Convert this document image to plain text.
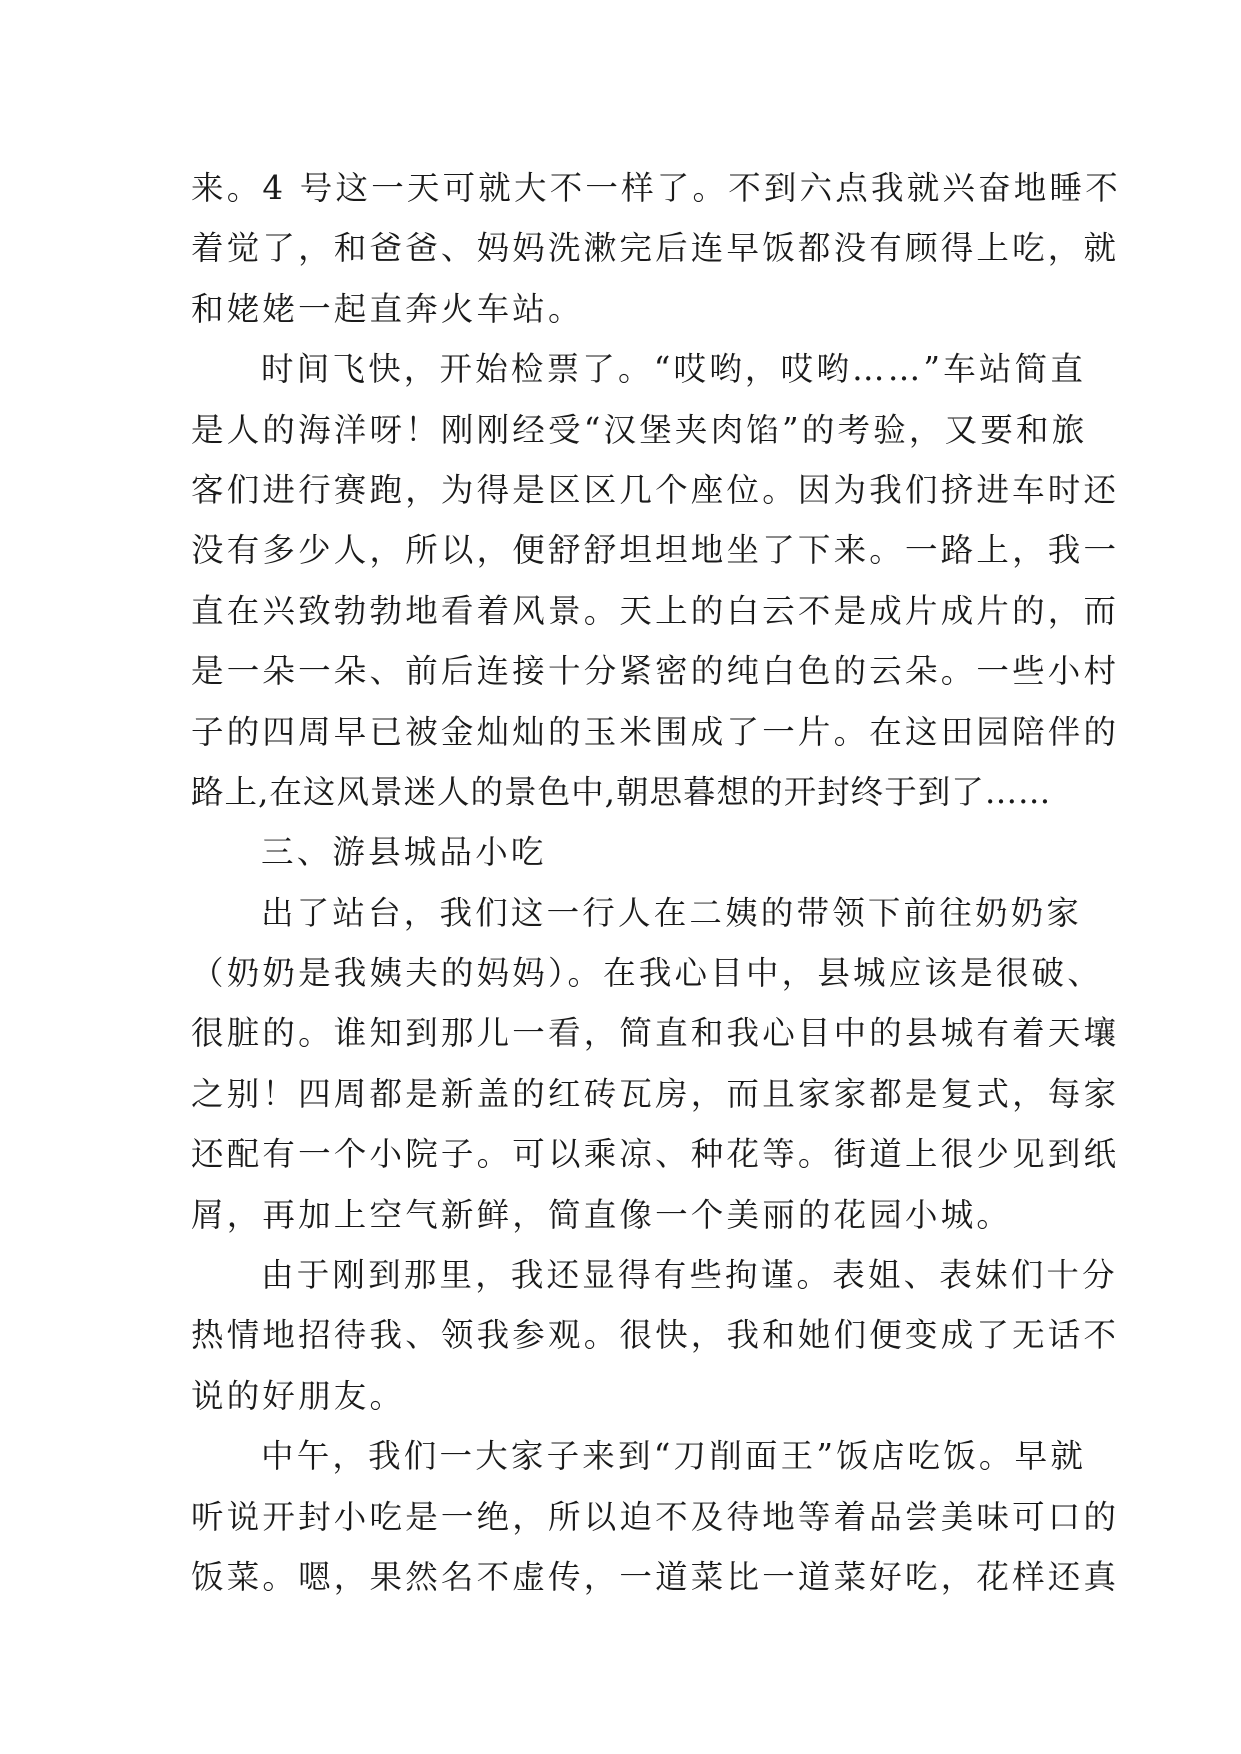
来。4 号这一天可就大不一样了。不到六点我就兴奋地睡不
着觉了，和爸爸、妈妈洗漱完后连早饭都没有顾得上吃，就
和姥姥一起直奔火车站。
时间飞快，开始检票了。“哎哟，哎哟……”车站简直
是人的海洋呀！刚刚经受“汉堡夹肉馅”的考验，又要和旅
客们进行赛跑，为得是区区几个座位。因为我们挤进车时还
没有多少人，所以，便舒舒坦坦地坐了下来。一路上，我一
直在兴致勃勃地看着风景。天上的白云不是成片成片的，而
是一朵一朵、前后连接十分紧密的纯白色的云朵。一些小村
子的四周早已被金灿灿的玉米围成了一片。在这田园陪伴的
路上,在这风景迷人的景色中,朝思暮想的开封终于到了……
三、游县城品小吃
出了站台，我们这一行人在二姨的带领下前往奶奶家
（奶奶是我姨夫的妈妈）。在我心目中，县城应该是很破、
很脏的。谁知到那儿一看，简直和我心目中的县城有着天壤
之别！四周都是新盖的红砖瓦房，而且家家都是复式，每家
还配有一个小院子。可以乘凉、种花等。街道上很少见到纸
屑，再加上空气新鲜，简直像一个美丽的花园小城。
由于刚到那里，我还显得有些拘谨。表姐、表妹们十分
热情地招待我、领我参观。很快，我和她们便变成了无话不
说的好朋友。
中午，我们一大家子来到“刀削面王”饭店吃饭。早就
听说开封小吃是一绝，所以迫不及待地等着品尝美味可口的
饭菜。嗯，果然名不虚传，一道菜比一道菜好吃，花样还真
